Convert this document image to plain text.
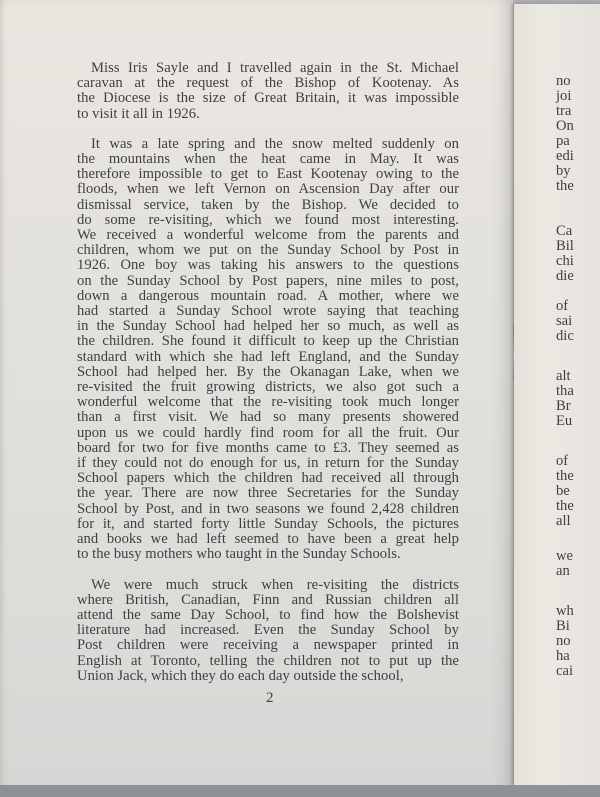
Miss Iris Sayle and I travelled again in the St. Michael
caravan at the request of the Bishop of Kootenay. As
the Diocese is the size of Great Britain, it was impossible
to visit it all in 1926.
It was a late spring and the snow melted suddenly on
the mountains when the heat came in May. It was
therefore impossible to get to East Kootenay owing to the
floods, when we left Vernon on Ascension Day after our
dismissal service, taken by the Bishop. We decided to
do some re-visiting, which we found most interesting.
We received a wonderful welcome from the parents and
children, whom we put on the Sunday School by Post in
1926. One boy was taking his answers to the questions
on the Sunday School by Post papers, nine miles to post,
down a dangerous mountain road. A mother, where we
had started a Sunday School wrote saying that teaching
in the Sunday School had helped her so much, as well as
the children. She found it difficult to keep up the Christian
standard with which she had left England, and the Sunday
School had helped her. By the Okanagan Lake, when we
re-visited the fruit growing districts, we also got such a
wonderful welcome that the re-visiting took much longer
than a first visit. We had so many presents showered
upon us we could hardly find room for all the fruit. Our
board for two for five months came to £3. They seemed as
if they could not do enough for us, in return for the Sunday
School papers which the children had received all through
the year. There are now three Secretaries for the Sunday
School by Post, and in two seasons we found 2,428 children
for it, and started forty little Sunday Schools, the pictures
and books we had left seemed to have been a great help
to the busy mothers who taught in the Sunday Schools.
We were much struck when re-visiting the districts
where British, Canadian, Finn and Russian children all
attend the same Day School, to find how the Bolshevist
literature had increased. Even the Sunday School by
Post children were receiving a newspaper printed in
English at Toronto, telling the children not to put up the
Union Jack, which they do each day outside the school,
2
no
joi
tra
On
pa
edi
by
the
Ca
Bil
chi
die
of
sai
dic
alt
tha
Br
Eu
of
the
be
the
all
we
an
wh
Bi
no
ha
cai
